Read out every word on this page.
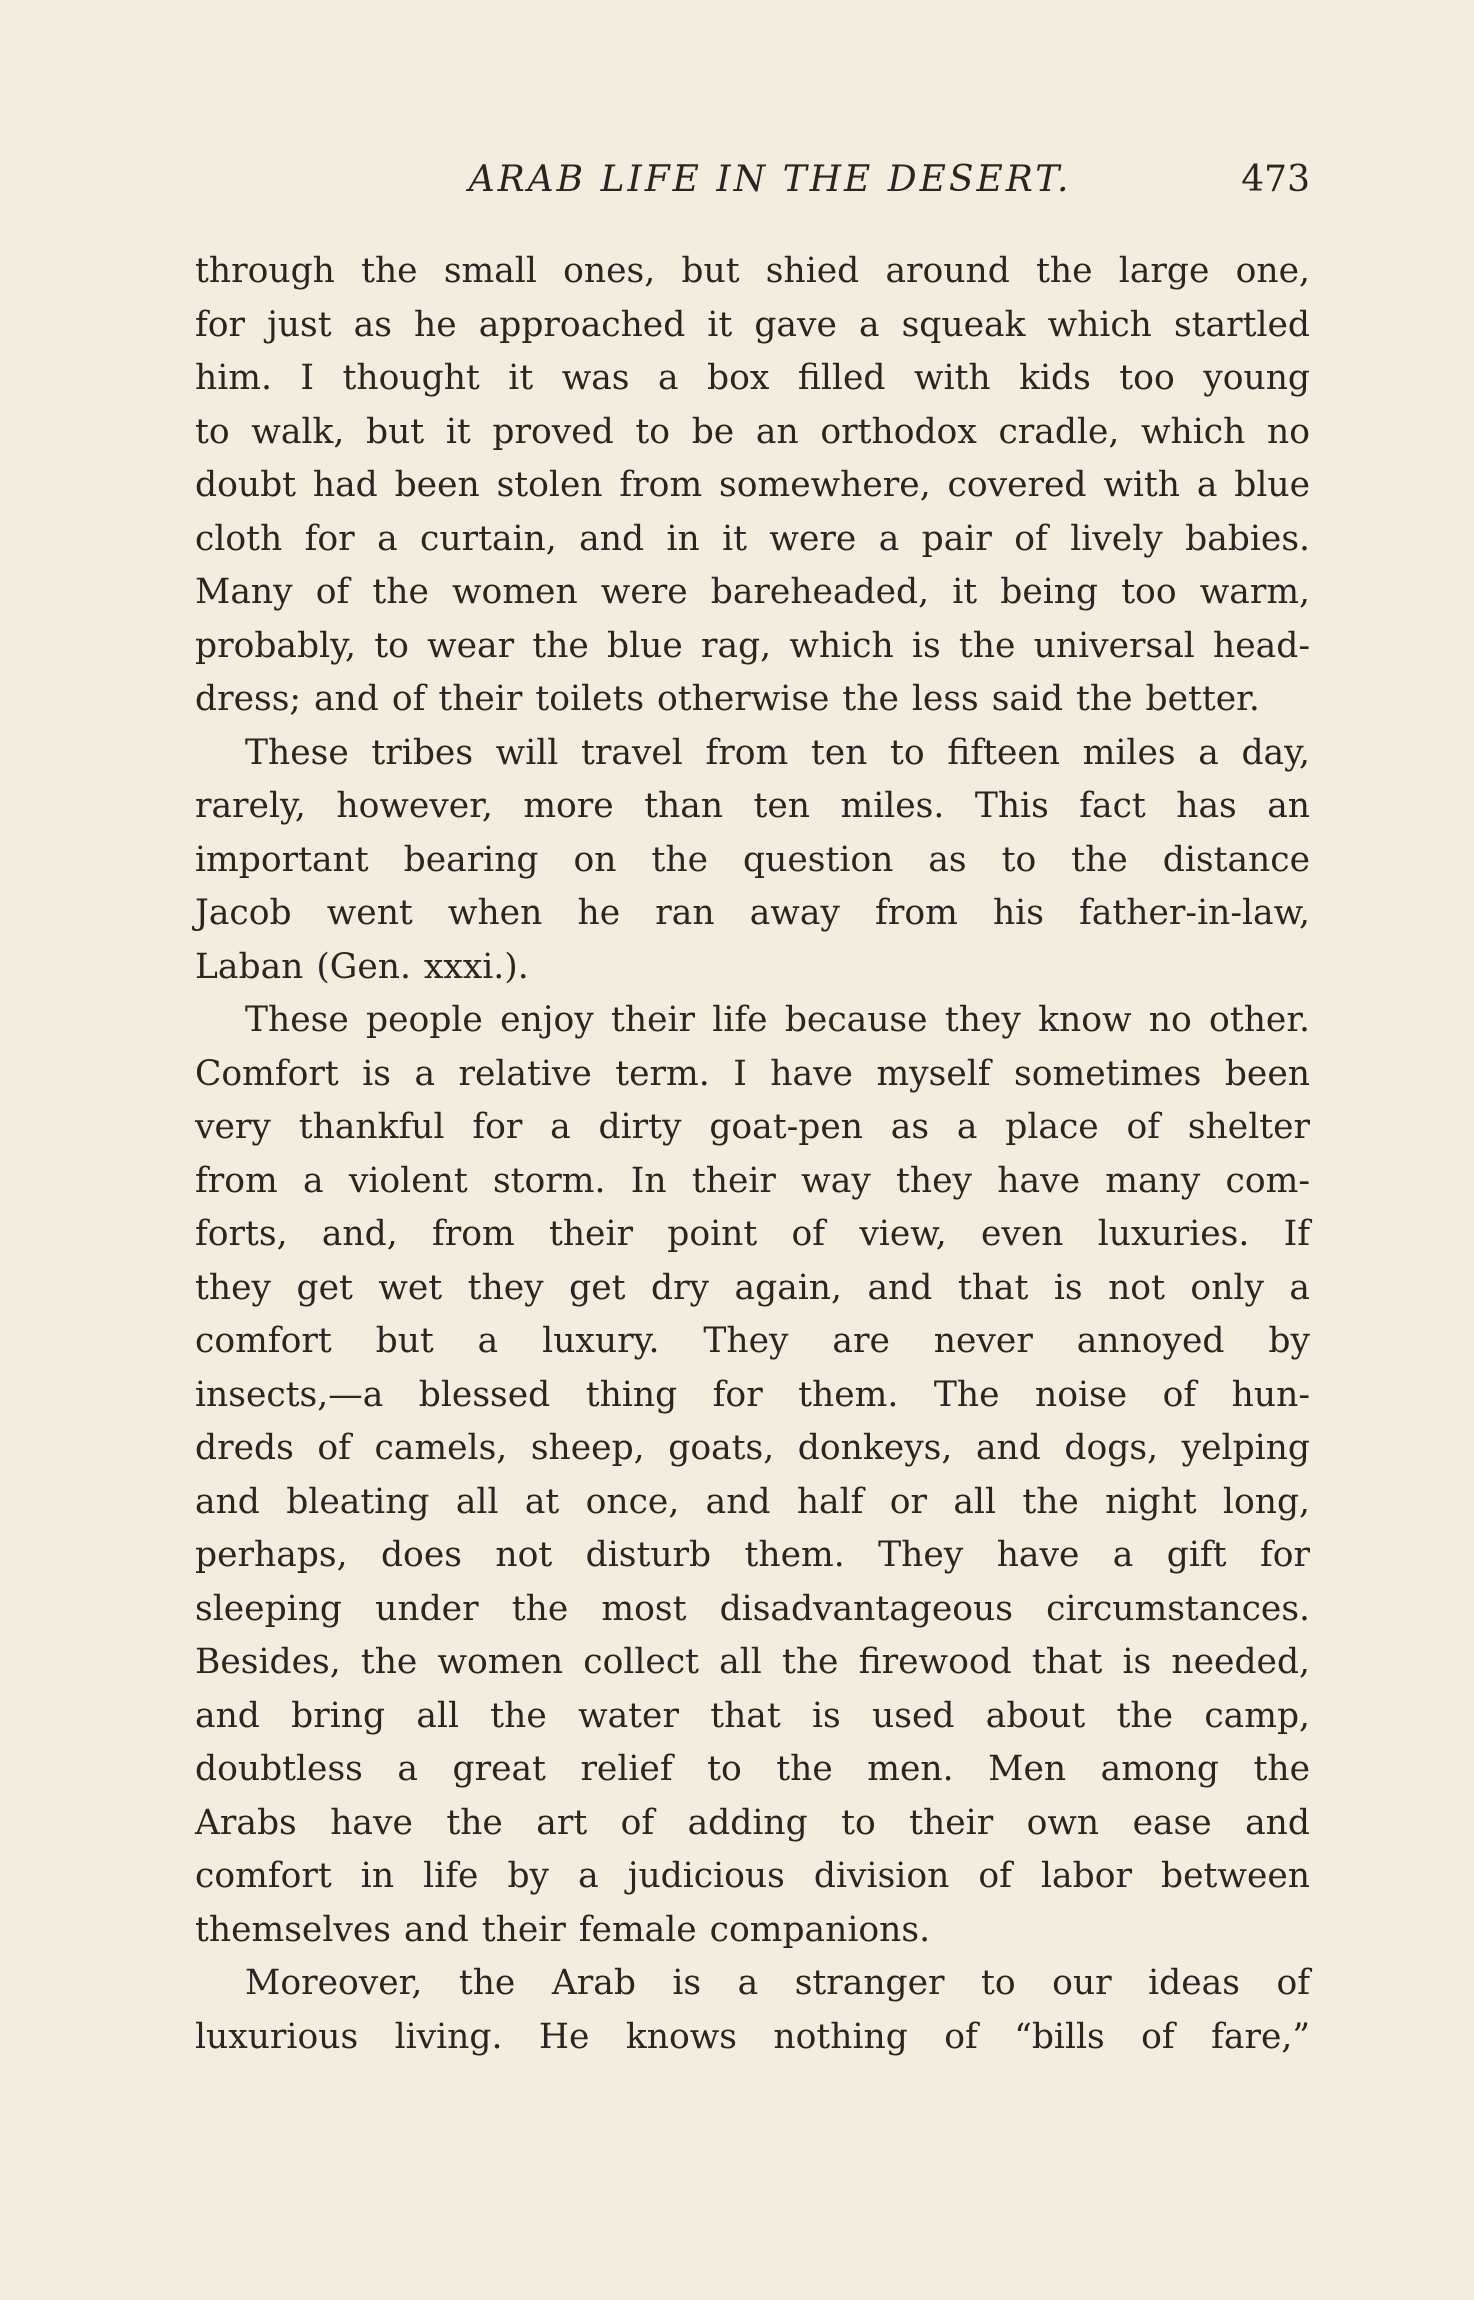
ARAB LIFE IN THE DESERT.	473
through the small ones, but shied around the large one,
for just as he approached it gave a squeak which startled
him. I thought it was a box filled with kids too young
to walk, but it proved to be an orthodox cradle, which no
doubt had been stolen from somewhere, covered with a blue
cloth for a curtain, and in it were a pair of lively babies.
Many of the women were bareheaded, it being too warm,
probably, to wear the blue rag, which is the universal head-
dress; and of their toilets otherwise the less said the better.
These tribes will travel from ten to fifteen miles a day,
rarely, however, more than ten miles. This fact has an
important bearing on the question as to the distance
Jacob went when he ran away from his father-in-law,
Laban (Gen. xxxi.).
These people enjoy their life because they know no other.
Comfort is a relative term. I have myself sometimes been
very thankful for a dirty goat-pen as a place of shelter
from a violent storm. In their way they have many com-
forts, and, from their point of view, even luxuries. If
they get wet they get dry again, and that is not only a
comfort but a luxury. They are never annoyed by
insects,—a blessed thing for them. The noise of hun-
dreds of camels, sheep, goats, donkeys, and dogs, yelping
and bleating all at once, and half or all the night long,
perhaps, does not disturb them. They have a gift for
sleeping under the most disadvantageous circumstances.
Besides, the women collect all the firewood that is needed,
and bring all the water that is used about the camp,
doubtless a great relief to the men. Men among the
Arabs have the art of adding to their own ease and
comfort in life by a judicious division of labor between
themselves and their female companions.
Moreover, the Arab is a stranger to our ideas of
luxurious living. He knows nothing of “bills of fare,”
